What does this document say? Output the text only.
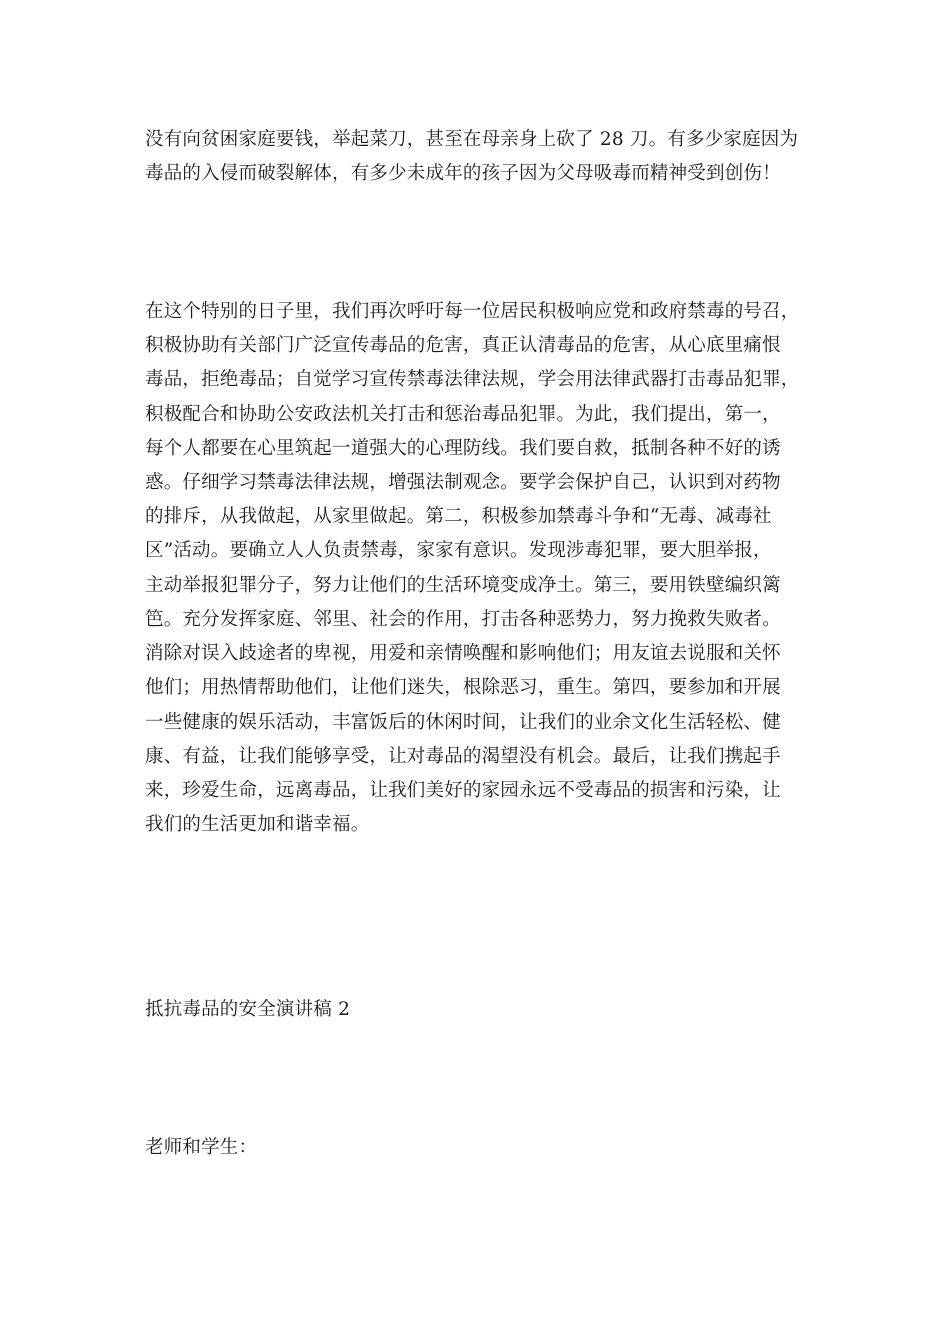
没有向贫困家庭要钱，举起菜刀，甚至在母亲身上砍了 28 刀。有多少家庭因为
毒品的入侵而破裂解体，有多少未成年的孩子因为父母吸毒而精神受到创伤！
在这个特别的日子里，我们再次呼吁每一位居民积极响应党和政府禁毒的号召，
积极协助有关部门广泛宣传毒品的危害，真正认清毒品的危害，从心底里痛恨
毒品，拒绝毒品；自觉学习宣传禁毒法律法规，学会用法律武器打击毒品犯罪，
积极配合和协助公安政法机关打击和惩治毒品犯罪。为此，我们提出，第一，
每个人都要在心里筑起一道强大的心理防线。我们要自救，抵制各种不好的诱
惑。仔细学习禁毒法律法规，增强法制观念。要学会保护自己，认识到对药物
的排斥，从我做起，从家里做起。第二，积极参加禁毒斗争和“无毒、减毒社
区”活动。要确立人人负责禁毒，家家有意识。发现涉毒犯罪，要大胆举报，
主动举报犯罪分子，努力让他们的生活环境变成净土。第三，要用铁壁编织篱
笆。充分发挥家庭、邻里、社会的作用，打击各种恶势力，努力挽救失败者。
消除对误入歧途者的卑视，用爱和亲情唤醒和影响他们；用友谊去说服和关怀
他们；用热情帮助他们，让他们迷失，根除恶习，重生。第四，要参加和开展
一些健康的娱乐活动，丰富饭后的休闲时间，让我们的业余文化生活轻松、健
康、有益，让我们能够享受，让对毒品的渴望没有机会。最后，让我们携起手
来，珍爱生命，远离毒品，让我们美好的家园永远不受毒品的损害和污染，让
我们的生活更加和谐幸福。
抵抗毒品的安全演讲稿 2
老师和学生：
